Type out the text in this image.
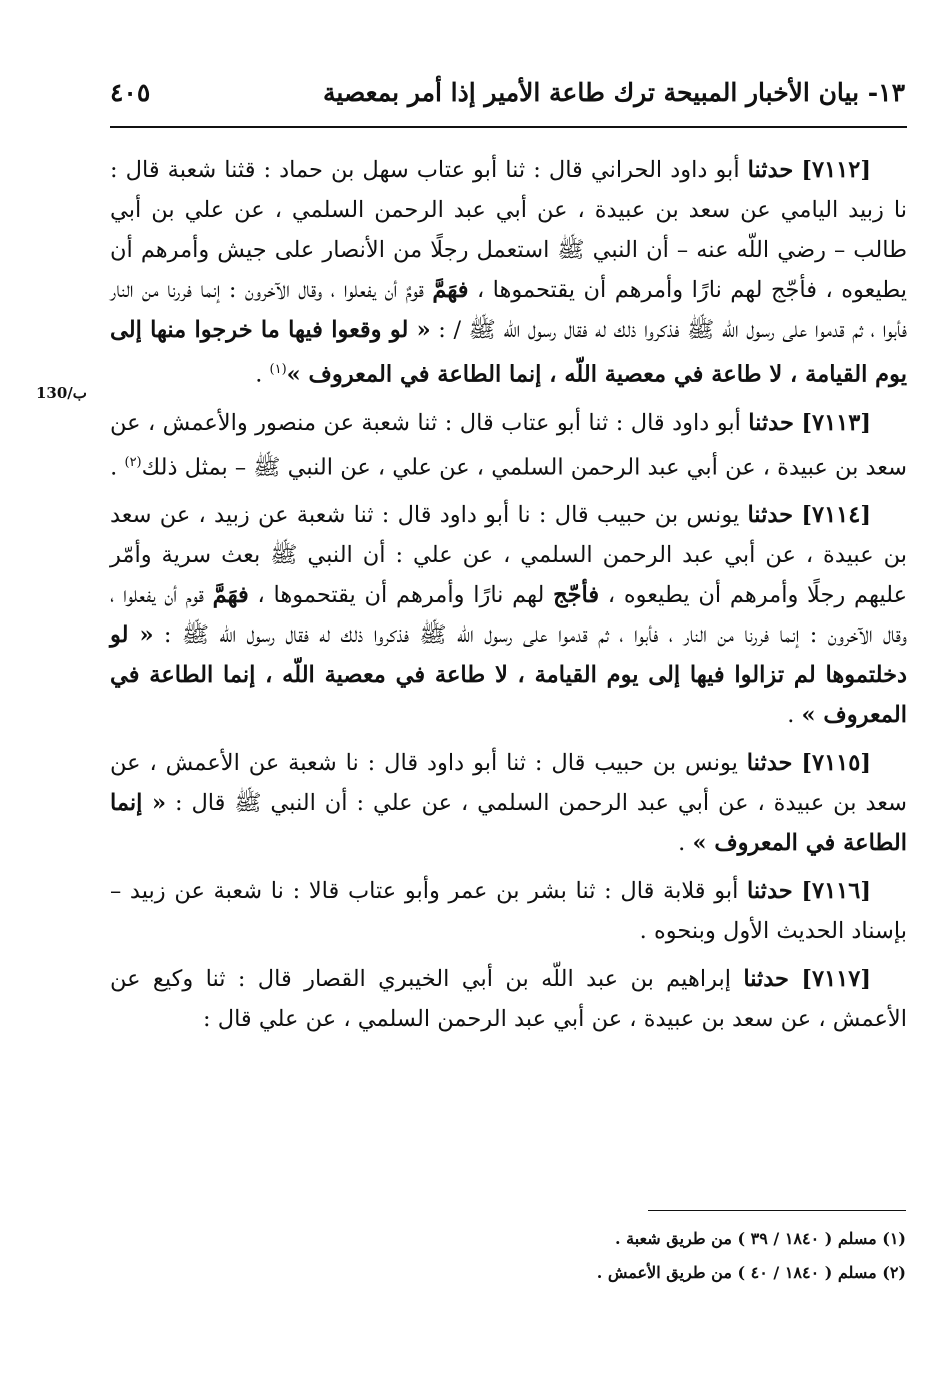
١٣- بيان الأخبار المبيحة ترك طاعة الأمير إذا أمر بمعصية
٤٠٥
130/ب

[٧١١٢] حدثنا أبو داود الحراني قال : ثنا أبو عتاب سهل بن حماد : قثنا شعبة قال : نا زبيد اليامي عن سعد بن عبيدة ، عن أبي عبد الرحمن السلمي ، عن علي بن أبي طالب – رضي اللّه عنه – أن النبي ﷺ استعمل رجلًا من الأنصار على جيش وأمرهم أن يطيعوه ، فأجّج لهم نارًا وأمرهم أن يقتحموها ، فهَمَّ قومٌ أن يفعلوا ، وقال الآخرون : إنما فررنا من النار فأبوا ، ثم قدموا على رسول اللّه ﷺ فذكروا ذلك له فقال رسول اللّه ﷺ / : « لو وقعوا فيها ما خرجوا منها إلى يوم القيامة ، لا طاعة في معصية اللّه ، إنما الطاعة في المعروف »$^{(١)}$ .

[٧١١٣] حدثنا أبو داود قال : ثنا أبو عتاب قال : ثنا شعبة عن منصور والأعمش ، عن سعد بن عبيدة ، عن أبي عبد الرحمن السلمي ، عن علي ، عن النبي ﷺ – بمثل ذلك$^{(٢)}$ .

[٧١١٤] حدثنا يونس بن حبيب قال : نا أبو داود قال : ثنا شعبة عن زبيد ، عن سعد بن عبيدة ، عن أبي عبد الرحمن السلمي ، عن علي : أن النبي ﷺ بعث سرية وأمّر عليهم رجلًا وأمرهم أن يطيعوه ، فأجّج لهم نارًا وأمرهم أن يقتحموها ، فهَمَّ قوم أن يفعلوا ، وقال الآخرون : إنما فررنا من النار ، فأبوا ، ثم قدموا على رسول اللّه ﷺ فذكروا ذلك له فقال رسول اللّه ﷺ : « لو دخلتموها لم تزالوا فيها إلى يوم القيامة ، لا طاعة في معصية اللّه ، إنما الطاعة في المعروف » .

[٧١١٥] حدثنا يونس بن حبيب قال : ثنا أبو داود قال : نا شعبة عن الأعمش ، عن سعد بن عبيدة ، عن أبي عبد الرحمن السلمي ، عن علي : أن النبي ﷺ قال : « إنما الطاعة في المعروف » .

[٧١١٦] حدثنا أبو قلابة قال : ثنا بشر بن عمر وأبو عتاب قالا : نا شعبة عن زبيد – بإسناد الحديث الأول وبنحوه .

[٧١١٧] حدثنا إبراهيم بن عبد اللّه بن أبي الخيبري القصار قال : ثنا وكيع عن الأعمش ، عن سعد بن عبيدة ، عن أبي عبد الرحمن السلمي ، عن علي قال :

(١) مسلم ( ١٨٤٠ / ٣٩ ) من طريق شعبة .
(٢) مسلم ( ١٨٤٠ / ٤٠ ) من طريق الأعمش .
